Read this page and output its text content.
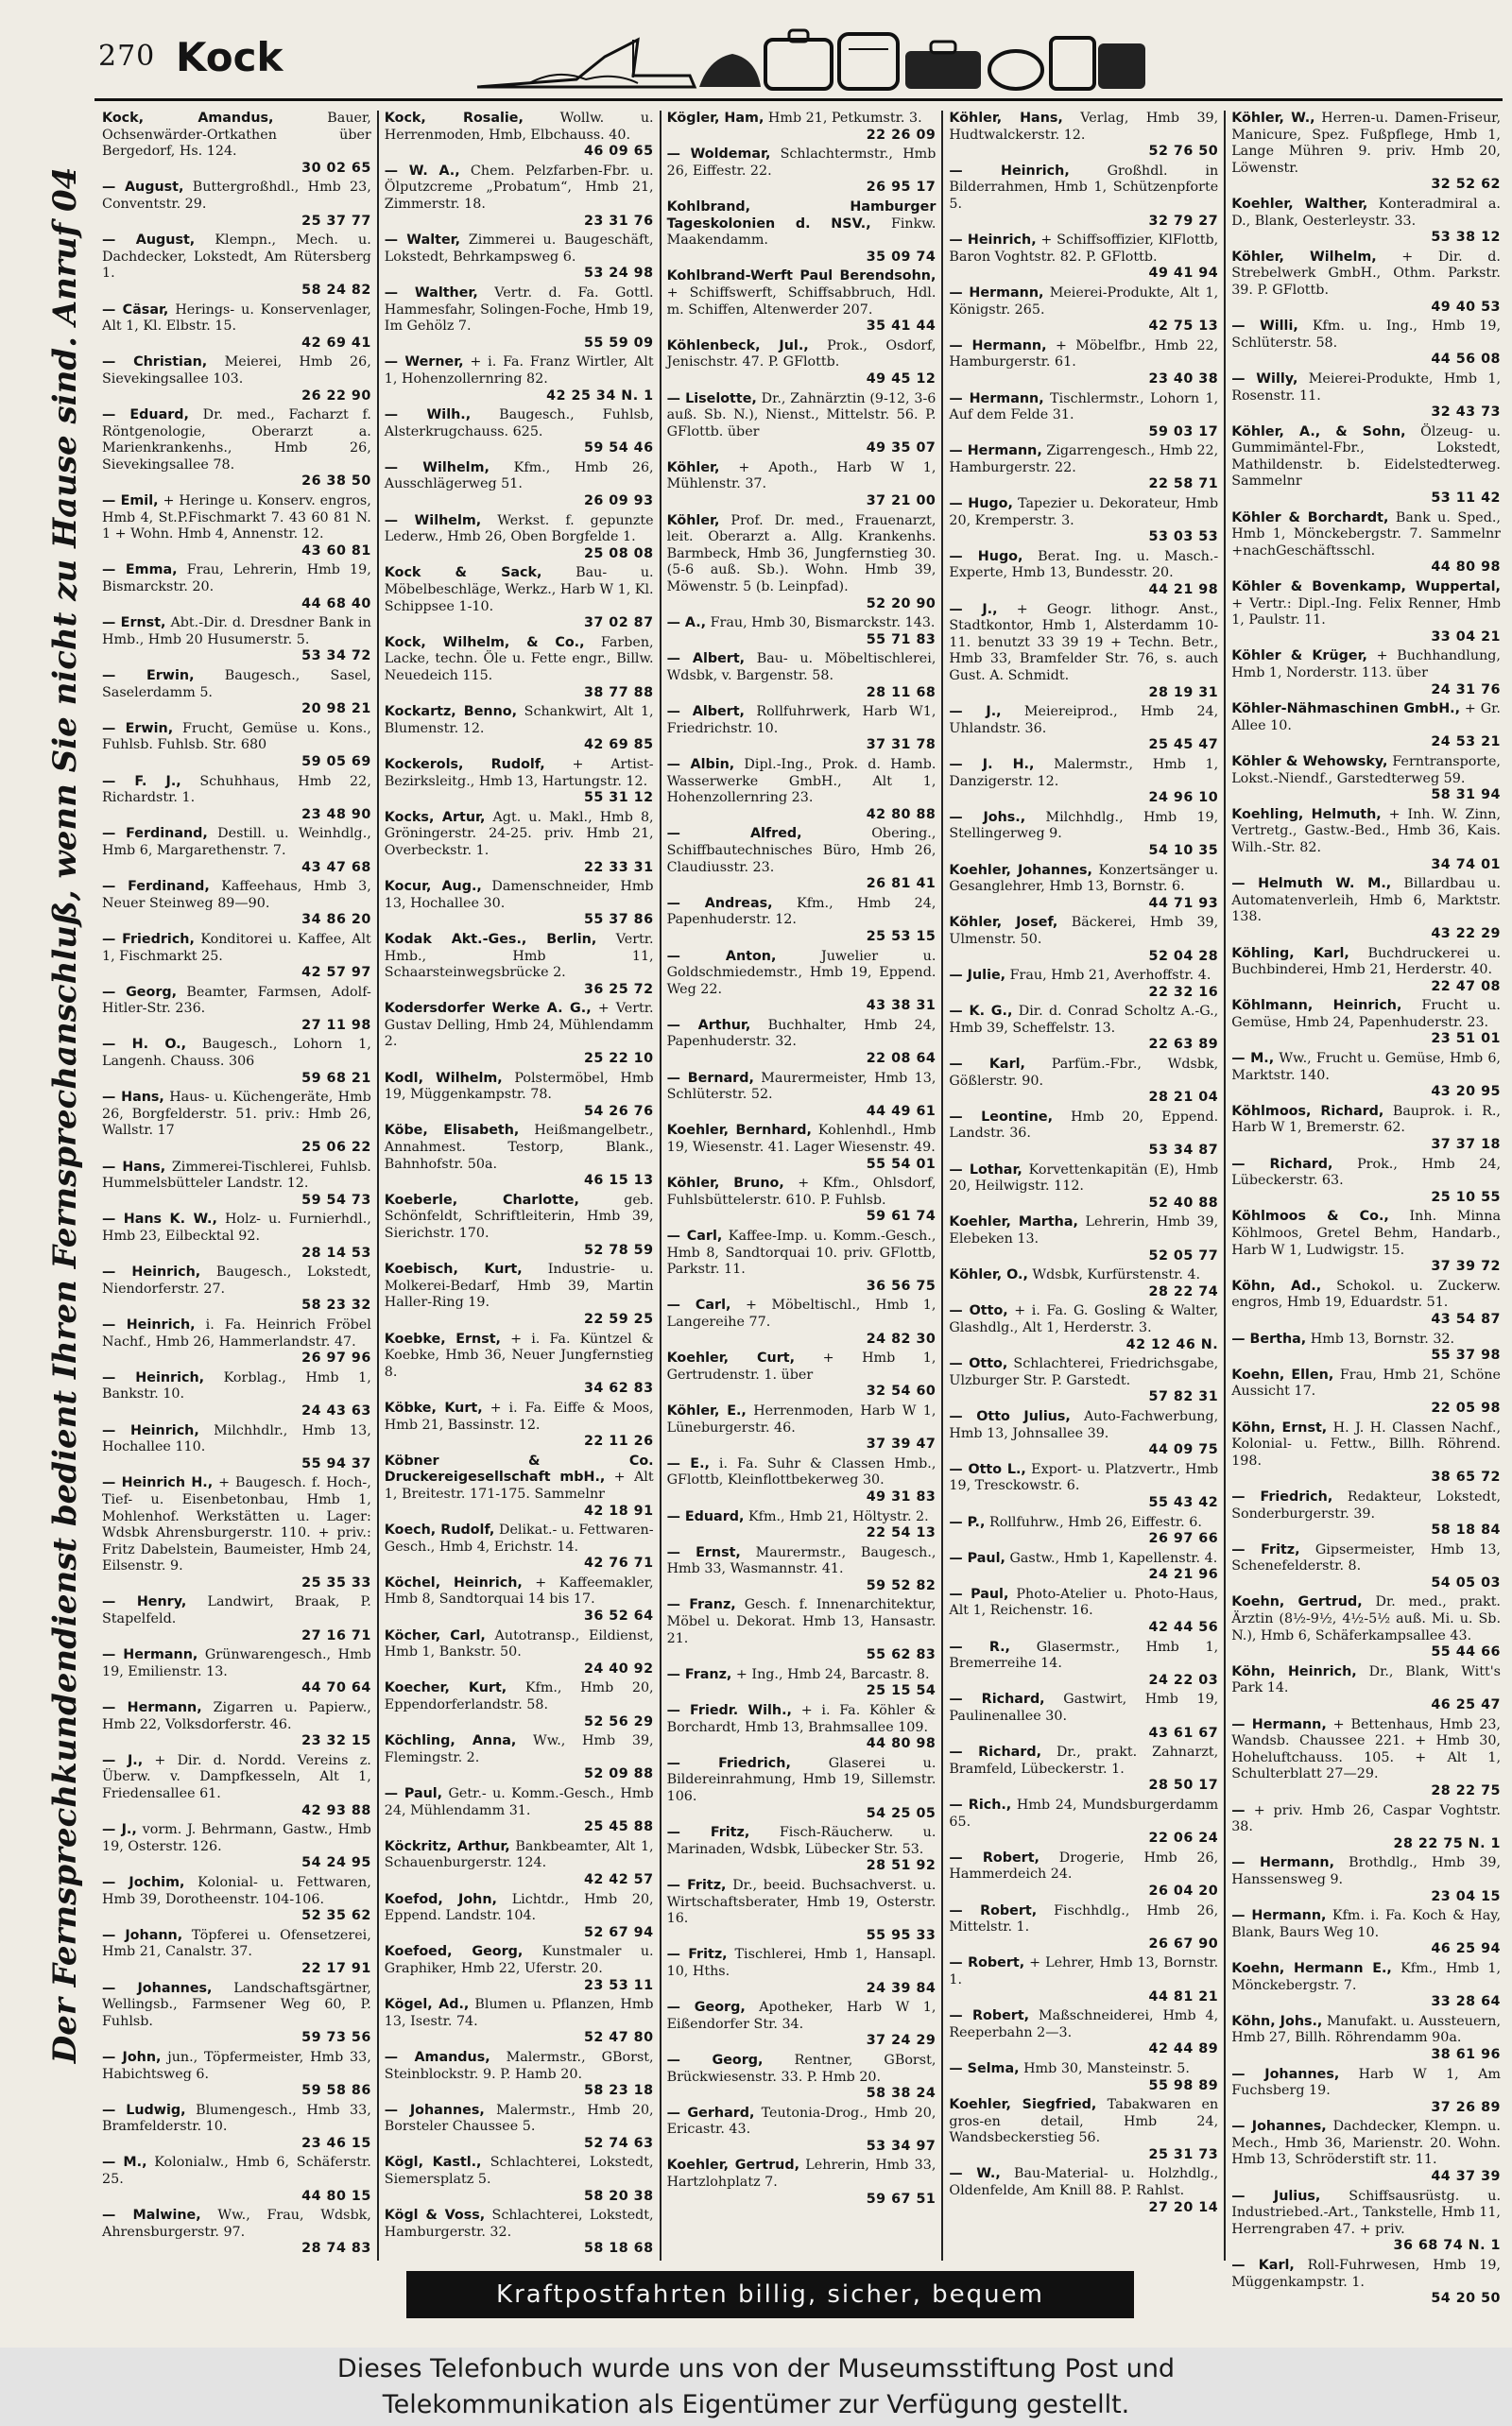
270 Kock
Der Fernsprechkundendienst bedient Ihren Fernsprechanschluß, wenn Sie nicht zu Hause sind. Anruf 04
Kock, Amandus,	Bauer, Ochsenwärder-Ortkathen über Bergedorf, Hs. 124.
30 02 65
— August, Buttergroßhdl., Hmb 23, Conventstr. 29.
25 37 77
— August, Klempn., Mech. u. Dachdecker, Lokstedt, Am Rütersberg 1.
58 24 82
— Cäsar, Herings- u. Konservenlager, Alt 1, Kl. Elbstr. 15.
42 69 41
— Christian, Meierei, Hmb 26, Sievekingsallee 103.
26 22 90
— Eduard, Dr. med., Facharzt f. Röntgenologie, Oberarzt a. Marienkrankenhs., Hmb 26, Sievekingsallee 78.
26 38 50
— Emil, + Heringe u. Konserv. engros, Hmb 4, St.P.Fischmarkt 7. 43 60 81 N. 1 + Wohn. Hmb 4, Annenstr. 12.
43 60 81
— Emma, Frau, Lehrerin, Hmb 19, Bismarckstr. 20.
44 68 40
— Ernst, Abt.-Dir. d. Dresdner Bank in Hmb., Hmb 20 Husumerstr. 5.
53 34 72
— Erwin, Baugesch., Sasel, Saselerdamm 5.
20 98 21
— Erwin, Frucht, Gemüse u. Kons., Fuhlsb. Fuhlsb. Str. 680
59 05 69
— F. J., Schuhhaus, Hmb 22, Richardstr. 1.
23 48 90
— Ferdinand, Destill. u. Weinhdlg., Hmb 6, Margarethenstr. 7.
43 47 68
— Ferdinand, Kaffeehaus, Hmb 3, Neuer Steinweg 89—90.
34 86 20
— Friedrich, Konditorei u. Kaffee, Alt 1, Fischmarkt 25.
42 57 97
— Georg, Beamter, Farmsen, Adolf-Hitler-Str. 236.
27 11 98
— H. O., Baugesch., Lohorn 1, Langenh. Chauss. 306
59 68 21
— Hans, Haus- u. Küchengeräte, Hmb 26, Borgfelderstr. 51. priv.: Hmb 26, Wallstr. 17
25 06 22
— Hans, Zimmerei-Tischlerei, Fuhlsb. Hummelsbütteler Landstr. 12.
59 54 73
— Hans K. W., Holz- u. Furnierhdl., Hmb 23, Eilbecktal 92.
28 14 53
— Heinrich, Baugesch., Lokstedt, Niendorferstr. 27.
58 23 32
— Heinrich, i. Fa. Heinrich Fröbel Nachf., Hmb 26, Hammerlandstr. 47.
26 97 96
— Heinrich, Korblag., Hmb 1, Bankstr. 10.
24 43 63
— Heinrich, Milchhdlr., Hmb 13, Hochallee 110.
55 94 37
— Heinrich H., + Baugesch. f. Hoch-, Tief- u. Eisenbetonbau, Hmb 1, Mohlenhof. Werkstätten u. Lager: Wdsbk Ahrensburgerstr. 110. + priv.: Fritz Dabelstein, Baumeister, Hmb 24, Eilsenstr. 9.
25 35 33
— Henry, Landwirt, Braak, P. Stapelfeld.
27 16 71
— Hermann, Grünwarengesch., Hmb 19, Emilienstr. 13.
44 70 64
— Hermann, Zigarren u. Papierw., Hmb 22, Volksdorferstr. 46.
23 32 15
— J., + Dir. d. Nordd. Vereins z. Überw. v. Dampfkesseln, Alt 1, Friedensallee 61.
42 93 88
— J., vorm. J. Behrmann, Gastw., Hmb 19, Osterstr. 126.
54 24 95
— Jochim, Kolonial- u. Fettwaren, Hmb 39, Dorotheenstr. 104-106.
52 35 62
— Johann, Töpferei u. Ofensetzerei, Hmb 21, Canalstr. 37.
22 17 91
— Johannes, Landschaftsgärtner, Wellingsb., Farmsener Weg 60, P. Fuhlsb.
59 73 56
— John, jun., Töpfermeister, Hmb 33, Habichtsweg 6.
59 58 86
— Ludwig, Blumengesch., Hmb 33, Bramfelderstr. 10.
23 46 15
— M., Kolonialw., Hmb 6, Schäferstr. 25.
44 80 15
— Malwine, Ww., Frau, Wdsbk, Ahrensburgerstr. 97.
28 74 83
Kock, Rosalie,	Wollw. u. Herrenmoden, Hmb, Elbchauss. 40.
46 09 65
— W. A., Chem. Pelzfarben-Fbr. u. Ölputzcreme „Probatum“, Hmb 21, Zimmerstr. 18.
23 31 76
— Walter, Zimmerei u. Baugeschäft, Lokstedt, Behrkampsweg 6.
53 24 98
— Walther, Vertr. d. Fa. Gottl. Hammesfahr, Solingen-Foche, Hmb 19, Im Gehölz 7.
55 59 09
— Werner, + i. Fa. Franz Wirtler, Alt 1, Hohenzollernring 82.
42 25 34 N. 1
— Wilh., Baugesch., Fuhlsb, Alsterkrugchauss. 625.
59 54 46
— Wilhelm, Kfm., Hmb 26, Ausschlägerweg 51.
26 09 93
— Wilhelm, Werkst. f. gepunzte Lederw., Hmb 26, Oben Borgfelde 1.
25 08 08
Kock & Sack, Bau- u. Möbelbeschläge, Werkz., Harb W 1, Kl. Schippsee 1-10.
37 02 87
Kock, Wilhelm, & Co., Farben, Lacke, techn. Öle u. Fette engr., Billw. Neuedeich 115.
38 77 88
Kockartz, Benno, Schankwirt, Alt 1, Blumenstr. 12.
42 69 85
Kockerols, Rudolf, + Artist-Bezirksleitg., Hmb 13, Hartungstr. 12.
55 31 12
Kocks, Artur, Agt. u. Makl., Hmb 8, Gröningerstr. 24-25. priv. Hmb 21, Overbeckstr. 1.
22 33 31
Kocur, Aug., Damenschneider, Hmb 13, Hochallee 30.
55 37 86
Kodak Akt.-Ges., Berlin, Vertr. Hmb., Hmb 11, Schaarsteinwegsbrücke 2.
36 25 72
Kodersdorfer Werke A. G., + Vertr. Gustav Delling, Hmb 24, Mühlendamm 2.
25 22 10
Kodl, Wilhelm, Polstermöbel, Hmb 19, Müggenkampstr. 78.
54 26 76
Köbe, Elisabeth, Heißmangelbetr., Annahmest. Testorp, Blank., Bahnhofstr. 50a.
46 15 13
Koeberle, Charlotte,	geb. Schönfeldt, Schriftleiterin, Hmb 39, Sierichstr. 170.
52 78 59
Koebisch, Kurt, Industrie- u. Molkerei-Bedarf, Hmb 39, Martin Haller-Ring 19.
22 59 25
Koebke, Ernst, + i. Fa. Küntzel & Koebke, Hmb 36, Neuer Jungfernstieg 8.
34 62 83
Köbke, Kurt, + i. Fa. Eiffe & Moos, Hmb 21, Bassinstr. 12.
22 11 26
Köbner & Co. Druckereigesellschaft mbH., + Alt 1, Breitestr. 171-175. Sammelnr
42 18 91
Koech, Rudolf, Delikat.- u. Fettwaren-Gesch., Hmb 4, Erichstr. 14.
42 76 71
Köchel, Heinrich, + Kaffeemakler, Hmb 8, Sandtorquai 14 bis 17.
36 52 64
Köcher, Carl, Autotransp., Eildienst, Hmb 1, Bankstr. 50.
24 40 92
Koecher, Kurt, Kfm., Hmb 20, Eppendorferlandstr. 58.
52 56 29
Köchling, Anna, Ww., Hmb 39, Flemingstr. 2.
52 09 88
— Paul, Getr.- u. Komm.-Gesch., Hmb 24, Mühlendamm 31.
25 45 88
Köckritz, Arthur, Bankbeamter, Alt 1, Schauenburgerstr. 124.
42 42 57
Koefod, John, Lichtdr., Hmb 20, Eppend. Landstr. 104.
52 67 94
Koefoed, Georg, Kunstmaler u. Graphiker, Hmb 22, Uferstr. 20.
23 53 11
Kögel, Ad., Blumen u. Pflanzen, Hmb 13, Isestr. 74.
52 47 80
— Amandus, Malermstr., GBorst, Steinblockstr. 9. P. Hamb 20.
58 23 18
— Johannes, Malermstr., Hmb 20, Borsteler Chaussee 5.
52 74 63
Kögl, Kastl., Schlachterei, Lokstedt, Siemersplatz 5.
58 20 38
Kögl & Voss, Schlachterei, Lokstedt, Hamburgerstr. 32.
58 18 68
Kögler, Ham, Hmb 21, Petkumstr. 3.
22 26 09
— Woldemar, Schlachtermstr., Hmb 26, Eiffestr. 22.
26 95 17
Kohlbrand, Hamburger Tageskolonien d. NSV., Finkw. Maakendamm.
35 09 74
Kohlbrand-Werft Paul Berendsohn, + Schiffswerft, Schiffsabbruch, Hdl. m. Schiffen, Altenwerder 207.
35 41 44
Köhlenbeck, Jul., Prok., Osdorf, Jenischstr. 47. P. GFlottb.
49 45 12
— Liselotte, Dr., Zahnärztin (9-12, 3-6 auß. Sb. N.), Nienst., Mittelstr. 56. P. GFlottb. über
49 35 07
Köhler, + Apoth., Harb W 1, Mühlenstr. 37.
37 21 00
Köhler, Prof. Dr. med., Frauenarzt, leit. Oberarzt a. Allg. Krankenhs. Barmbeck, Hmb 36, Jungfernstieg 30. (5-6 auß. Sb.). Wohn. Hmb 39, Möwenstr. 5 (b. Leinpfad).
52 20 90
— A., Frau, Hmb 30, Bismarckstr. 143.
55 71 83
— Albert, Bau- u. Möbeltischlerei, Wdsbk, v. Bargenstr. 58.
28 11 68
— Albert, Rollfuhrwerk, Harb W1, Friedrichstr. 10.
37 31 78
— Albin, Dipl.-Ing., Prok. d. Hamb. Wasserwerke GmbH., Alt 1, Hohenzollernring 23.
42 80 88
— Alfred,	Obering., Schiffbautechnisches Büro, Hmb 26, Claudiusstr. 23.
26 81 41
— Andreas, Kfm., Hmb 24, Papenhuderstr. 12.
25 53 15
— Anton,	Juwelier u. Goldschmiedemstr., Hmb 19, Eppend. Weg 22.
43 38 31
— Arthur, Buchhalter, Hmb 24, Papenhuderstr. 32.
22 08 64
— Bernard, Maurermeister, Hmb 13, Schlüterstr. 52.
44 49 61
Koehler, Bernhard, Kohlenhdl., Hmb 19, Wiesenstr. 41. Lager Wiesenstr. 49.
55 54 01
Köhler, Bruno, + Kfm., Ohlsdorf, Fuhlsbüttelerstr. 610. P. Fuhlsb.
59 61 74
— Carl, Kaffee-Imp. u. Komm.-Gesch., Hmb 8, Sandtorquai 10. priv. GFlottb, Parkstr. 11.
36 56 75
— Carl, + Möbeltischl., Hmb 1, Langereihe 77.
24 82 30
Koehler, Curt, + Hmb 1, Gertrudenstr. 1. über
32 54 60
Köhler, E., Herrenmoden, Harb W 1, Lüneburgerstr. 46.
37 39 47
— E., i. Fa. Suhr & Classen Hmb., GFlottb, Kleinflottbekerweg 30.
49 31 83
— Eduard, Kfm., Hmb 21, Höltystr. 2.
22 54 13
— Ernst, Maurermstr., Baugesch., Hmb 33, Wasmannstr. 41.
59 52 82
— Franz, Gesch. f. Innenarchitektur, Möbel u. Dekorat. Hmb 13, Hansastr. 21.
55 62 83
— Franz, + Ing., Hmb 24, Barcastr. 8.
25 15 54
— Friedr. Wilh., + i. Fa. Köhler & Borchardt, Hmb 13, Brahmsallee 109.
44 80 98
— Friedrich,	Glaserei u. Bildereinrahmung, Hmb 19, Sillemstr. 106.
54 25 05
— Fritz, Fisch-Räucherw. u. Marinaden, Wdsbk, Lübecker Str. 53.
28 51 92
— Fritz, Dr., beeid. Buchsachverst. u. Wirtschaftsberater, Hmb 19, Osterstr. 16.
55 95 33
— Fritz, Tischlerei, Hmb 1, Hansapl. 10, Hths.
24 39 84
— Georg, Apotheker, Harb W 1, Eißendorfer Str. 34.
37 24 29
— Georg, Rentner, GBorst, Brückwiesenstr. 33. P. Hmb 20.
58 38 24
— Gerhard, Teutonia-Drog., Hmb 20, Ericastr. 43.
53 34 97
Koehler, Gertrud, Lehrerin, Hmb 33, Hartzlohplatz 7.
59 67 51
Köhler, Hans, Verlag, Hmb 39, Hudtwalckerstr. 12.
52 76 50
— Heinrich,	Großhdl. in Bilderrahmen, Hmb 1, Schützenpforte 5.
32 79 27
— Heinrich, + Schiffsoffizier, KlFlottb, Baron Voghtstr. 82. P. GFlottb.
49 41 94
— Hermann, Meierei-Produkte, Alt 1, Königstr. 265.
42 75 13
— Hermann, + Möbelfbr., Hmb 22, Hamburgerstr. 61.
23 40 38
— Hermann, Tischlermstr., Lohorn 1, Auf dem Felde 31.
59 03 17
— Hermann, Zigarrengesch., Hmb 22, Hamburgerstr. 22.
22 58 71
— Hugo, Tapezier u. Dekorateur, Hmb 20, Kremperstr. 3.
53 03 53
— Hugo, Berat. Ing. u. Masch.-Experte, Hmb 13, Bundesstr. 20.
44 21 98
— J., + Geogr. lithogr. Anst., Stadtkontor, Hmb 1, Alsterdamm 10-11. benutzt 33 39 19 + Techn. Betr., Hmb 33, Bramfelder Str. 76, s. auch Gust. A. Schmidt.
28 19 31
— J., Meiereiprod., Hmb 24, Uhlandstr. 36.
25 45 47
— J. H., Malermstr., Hmb 1, Danzigerstr. 12.
24 96 10
— Johs., Milchhdlg., Hmb 19, Stellingerweg 9.
54 10 35
Koehler, Johannes, Konzertsänger u. Gesanglehrer, Hmb 13, Bornstr. 6.
44 71 93
Köhler, Josef, Bäckerei, Hmb 39, Ulmenstr. 50.
52 04 28
— Julie, Frau, Hmb 21, Averhoffstr. 4.
22 32 16
— K. G., Dir. d. Conrad Scholtz A.-G., Hmb 39, Scheffelstr. 13.
22 63 89
— Karl, Parfüm.-Fbr., Wdsbk, Gößlerstr. 90.
28 21 04
— Leontine, Hmb 20, Eppend. Landstr. 36.
53 34 87
— Lothar, Korvettenkapitän (E), Hmb 20, Heilwigstr. 112.
52 40 88
Koehler, Martha, Lehrerin, Hmb 39, Elebeken 13.
52 05 77
Köhler, O., Wdsbk, Kurfürstenstr. 4.
28 22 74
— Otto, + i. Fa. G. Gosling & Walter, Glashdlg., Alt 1, Herderstr. 3.
42 12 46 N.
— Otto, Schlachterei, Friedrichsgabe, Ulzburger Str. P. Garstedt.
57 82 31
— Otto Julius, Auto-Fachwerbung, Hmb 13, Johnsallee 39.
44 09 75
— Otto L., Export- u. Platzvertr., Hmb 19, Tresckowstr. 6.
55 43 42
— P., Rollfuhrw., Hmb 26, Eiffestr. 6.
26 97 66
— Paul, Gastw., Hmb 1, Kapellenstr. 4.
24 21 96
— Paul, Photo-Atelier u. Photo-Haus, Alt 1, Reichenstr. 16.
42 44 56
— R., Glasermstr., Hmb 1, Bremerreihe 14.
24 22 03
— Richard, Gastwirt, Hmb 19, Paulinenallee 30.
43 61 67
— Richard, Dr., prakt. Zahnarzt, Bramfeld, Lübeckerstr. 1.
28 50 17
— Rich., Hmb 24, Mundsburgerdamm 65.
22 06 24
— Robert, Drogerie, Hmb 26, Hammerdeich 24.
26 04 20
— Robert, Fischhdlg., Hmb 26, Mittelstr. 1.
26 67 90
— Robert, + Lehrer, Hmb 13, Bornstr. 1.
44 81 21
— Robert, Maßschneiderei, Hmb 4, Reeperbahn 2—3.
42 44 89
— Selma, Hmb 30, Mansteinstr. 5.
55 98 89
Koehler, Siegfried, Tabakwaren en gros-en detail, Hmb 24, Wandsbeckerstieg 56.
25 31 73
— W., Bau-Material- u. Holzhdlg., Oldenfelde, Am Knill 88. P. Rahlst.
27 20 14
Köhler, W., Herren-u. Damen-Friseur, Manicure, Spez. Fußpflege, Hmb 1, Lange Mühren 9. priv. Hmb 20, Löwenstr.
32 52 62
Koehler, Walther, Konteradmiral a. D., Blank, Oesterleystr. 33.
53 38 12
Köhler, Wilhelm, + Dir. d. Strebelwerk GmbH., Othm. Parkstr. 39. P. GFlottb.
49 40 53
— Willi, Kfm. u. Ing., Hmb 19, Schlüterstr. 58.
44 56 08
— Willy, Meierei-Produkte, Hmb 1, Rosenstr. 11.
32 43 73
Köhler, A., & Sohn, Ölzeug- u. Gummimäntel-Fbr., Lokstedt, Mathildenstr. b. Eidelstedterweg. Sammelnr
53 11 42
Köhler & Borchardt, Bank u. Sped., Hmb 1, Mönckebergstr. 7. Sammelnr +nachGeschäftsschl.
44 80 98
Köhler & Bovenkamp, Wuppertal, + Vertr.: Dipl.-Ing. Felix Renner, Hmb 1, Paulstr. 11.
33 04 21
Köhler & Krüger, + Buchhandlung, Hmb 1, Norderstr. 113. über
24 31 76
Köhler-Nähmaschinen GmbH., + Gr. Allee 10.
24 53 21
Köhler & Wehowsky, Ferntransporte, Lokst.-Niendf., Garstedterweg 59.
58 31 94
Koehling, Helmuth, + Inh. W. Zinn, Vertretg., Gastw.-Bed., Hmb 36, Kais. Wilh.-Str. 82.
34 74 01
— Helmuth W. M., Billardbau u. Automatenverleih, Hmb 6, Marktstr. 138.
43 22 29
Köhling, Karl, Buchdruckerei u. Buchbinderei, Hmb 21, Herderstr. 40.
22 47 08
Köhlmann, Heinrich, Frucht u. Gemüse, Hmb 24, Papenhuderstr. 23.
23 51 01
— M., Ww., Frucht u. Gemüse, Hmb 6, Marktstr. 140.
43 20 95
Köhlmoos, Richard, Bauprok. i. R., Harb W 1, Bremerstr. 62.
37 37 18
— Richard, Prok., Hmb 24, Lübeckerstr. 63.
25 10 55
Köhlmoos & Co., Inh. Minna Köhlmoos, Gretel Behm, Handarb., Harb W 1, Ludwigstr. 15.
37 39 72
Köhn, Ad., Schokol. u. Zuckerw. engros, Hmb 19, Eduardstr. 51.
43 54 87
— Bertha, Hmb 13, Bornstr. 32.
55 37 98
Koehn, Ellen, Frau, Hmb 21, Schöne Aussicht 17.
22 05 98
Köhn, Ernst, H. J. H. Classen Nachf., Kolonial- u. Fettw., Billh. Röhrend. 198.
38 65 72
— Friedrich, Redakteur, Lokstedt, Sonderburgerstr. 39.
58 18 84
— Fritz, Gipsermeister, Hmb 13, Schenefelderstr. 8.
54 05 03
Koehn, Gertrud, Dr. med., prakt. Ärztin (8½-9½, 4½-5½ auß. Mi. u. Sb. N.), Hmb 6, Schäferkampsallee 43.
55 44 66
Köhn, Heinrich, Dr., Blank, Witt's Park 14.
46 25 47
— Hermann, + Bettenhaus, Hmb 23, Wandsb. Chaussee 221. + Hmb 30, Hoheluftchauss. 105. + Alt 1, Schulterblatt 27—29.
28 22 75
— + priv. Hmb 26, Caspar Voghtstr. 38.
28 22 75 N. 1
— Hermann, Brothdlg., Hmb 39, Hanssensweg 9.
23 04 15
— Hermann, Kfm. i. Fa. Koch & Hay, Blank, Baurs Weg 10.
46 25 94
Koehn, Hermann E., Kfm., Hmb 1, Mönckebergstr. 7.
33 28 64
Köhn, Johs., Manufakt. u. Aussteuern, Hmb 27, Billh. Röhrendamm 90a.
38 61 96
— Johannes, Harb W 1, Am Fuchsberg 19.
37 26 89
— Johannes, Dachdecker, Klempn. u. Mech., Hmb 36, Marienstr. 20. Wohn. Hmb 13, Schröderstift str. 11.
44 37 39
— Julius, Schiffsausrüstg. u. Industriebed.-Art., Tankstelle, Hmb 11, Herrengraben 47. + priv.
36 68 74 N. 1
— Karl, Roll-Fuhrwesen, Hmb 19, Müggenkampstr. 1.
54 20 50
Kraftpostfahrten billig, sicher, bequem
Dieses Telefonbuch wurde uns von der Museumsstiftung Post und
Telekommunikation als Eigentümer zur Verfügung gestellt.
